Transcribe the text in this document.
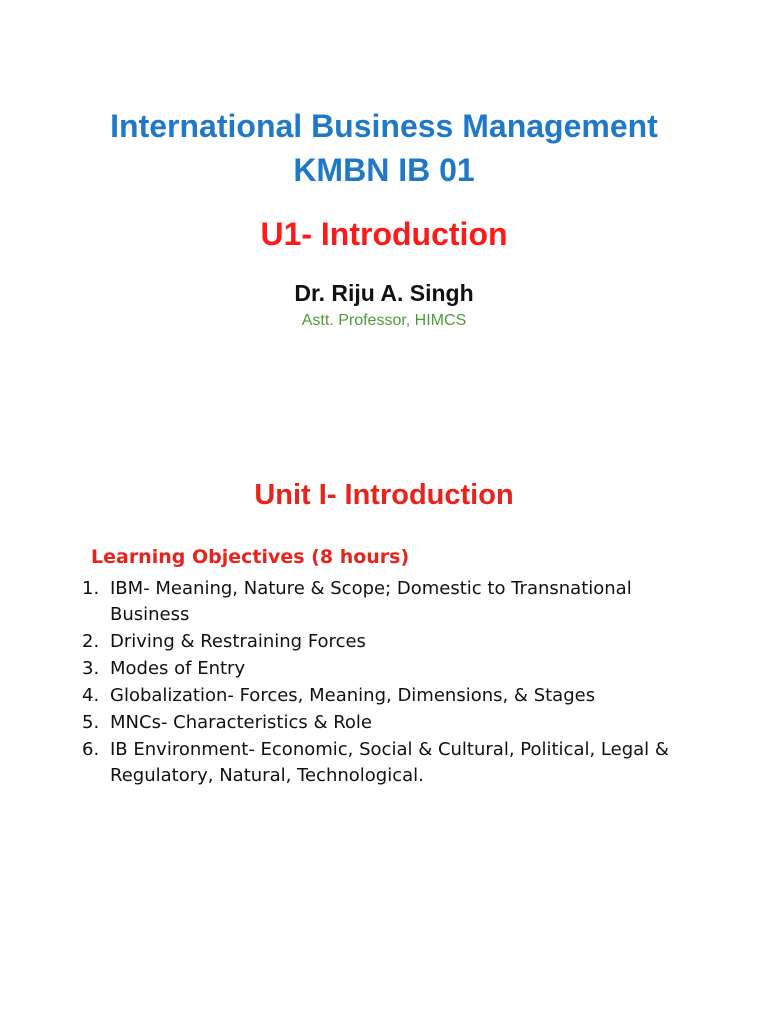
International Business Management
KMBN IB 01
U1- Introduction

Dr. Riju A. Singh

Astt. Professor, HIMCS

Unit I- Introduction
Learning Objectives (8 hours)
1. IBM- Meaning, Nature & Scope; Domestic to Transnational Business
2. Driving & Restraining Forces
3. Modes of Entry
4. Globalization- Forces, Meaning, Dimensions, & Stages
5. MNCs- Characteristics & Role
6. IB Environment- Economic, Social & Cultural, Political, Legal & Regulatory, Natural, Technological.
